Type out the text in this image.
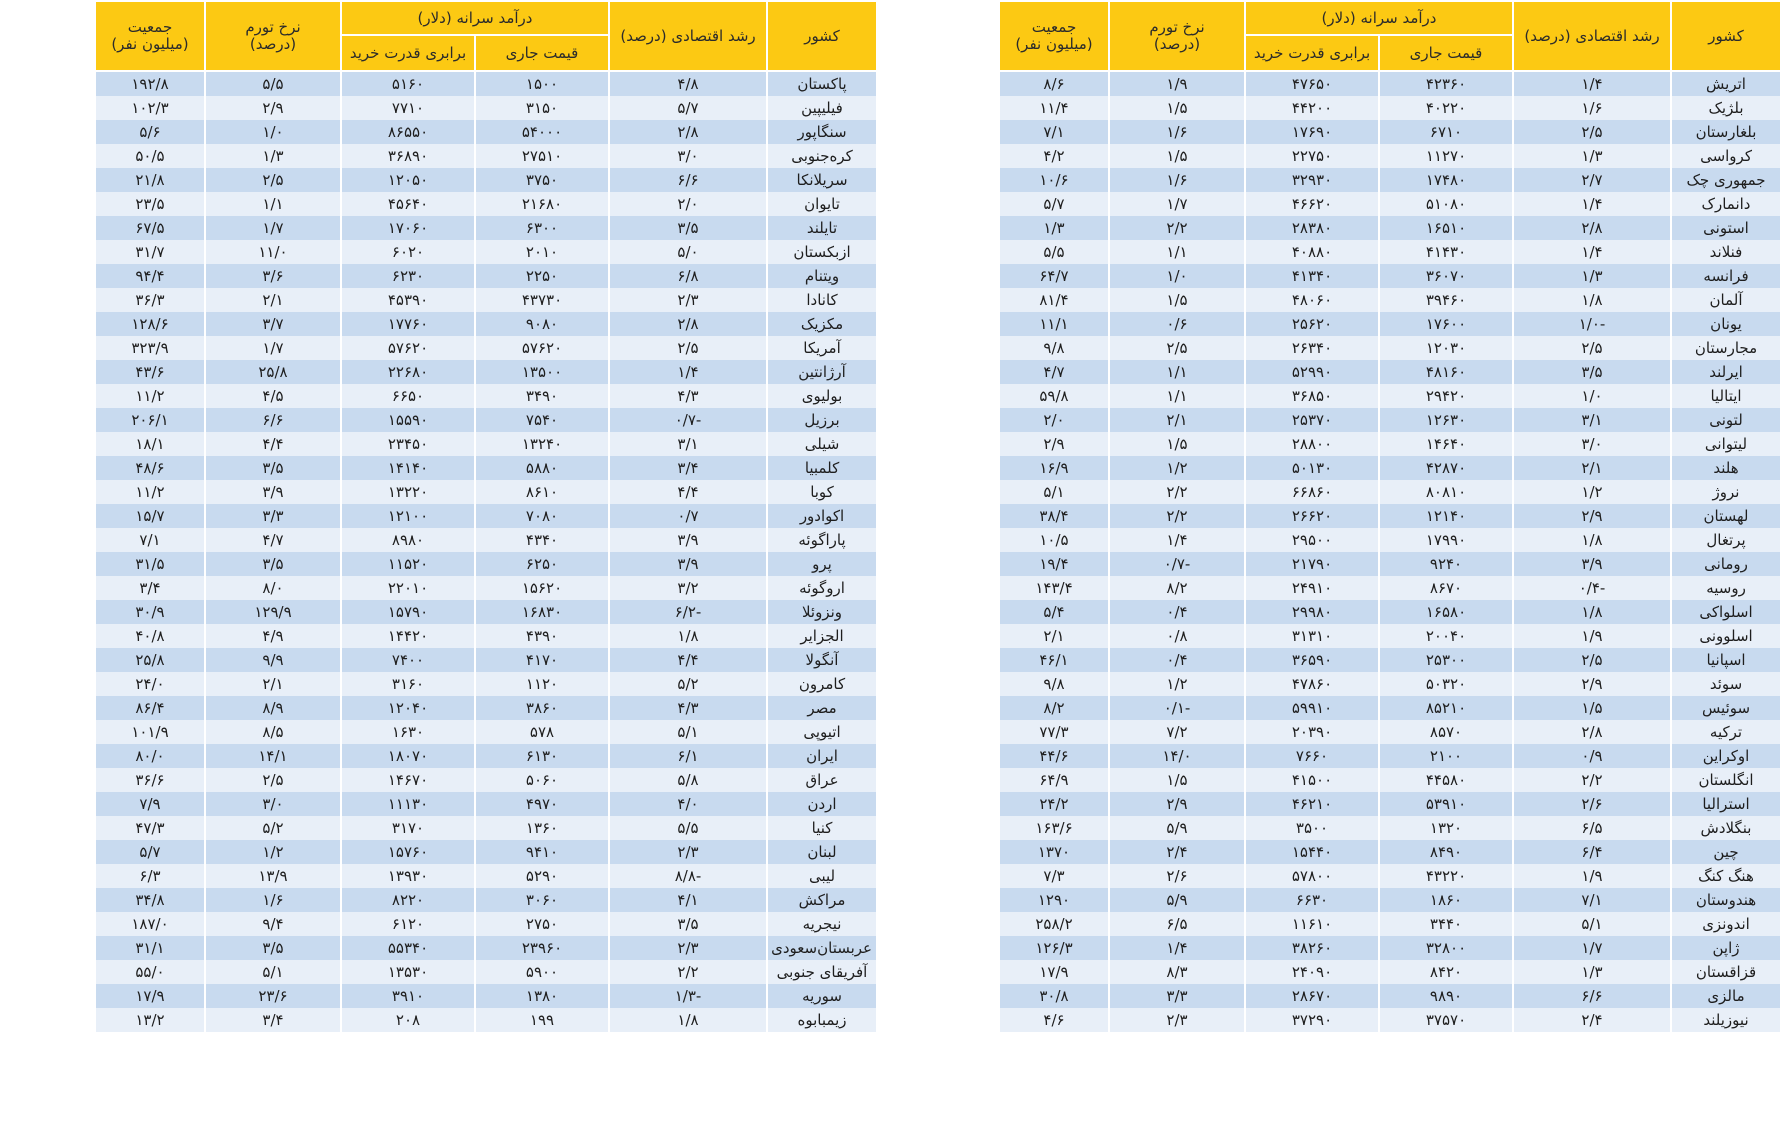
کشور	رشد اقتصادی (درصد)	درآمد سرانه (دلار)		نرخ تورم (درصد)	جمعیت (میلیون نفر)	
		قیمت جاری	برابری قدرت خرید			
اتریش	۱/۴	۴۲۳۶۰	۴۷۶۵۰	۱/۹	۸/۶	
بلژیک	۱/۶	۴۰۲۲۰	۴۴۲۰۰	۱/۵	۱۱/۴	
بلغارستان	۲/۵	۶۷۱۰	۱۷۶۹۰	۱/۶	۷/۱	
کرواسی	۱/۳	۱۱۲۷۰	۲۲۷۵۰	۱/۵	۴/۲	
جمهوری چک	۲/۷	۱۷۴۸۰	۳۲۹۳۰	۱/۶	۱۰/۶	
دانمارک	۱/۴	۵۱۰۸۰	۴۶۶۲۰	۱/۷	۵/۷	
استونی	۲/۸	۱۶۵۱۰	۲۸۳۸۰	۲/۲	۱/۳	
فنلاند	۱/۴	۴۱۴۳۰	۴۰۸۸۰	۱/۱	۵/۵	
فرانسه	۱/۳	۳۶۰۷۰	۴۱۳۴۰	۱/۰	۶۴/۷	
آلمان	۱/۸	۳۹۴۶۰	۴۸۰۶۰	۱/۵	۸۱/۴	
یونان	-۱/۰	۱۷۶۰۰	۲۵۶۲۰	۰/۶	۱۱/۱	
مجارستان	۲/۵	۱۲۰۳۰	۲۶۳۴۰	۲/۵	۹/۸	
ایرلند	۳/۵	۴۸۱۶۰	۵۲۹۹۰	۱/۱	۴/۷	
ایتالیا	۱/۰	۲۹۴۲۰	۳۶۸۵۰	۱/۱	۵۹/۸	
لتونی	۳/۱	۱۲۶۳۰	۲۵۳۷۰	۲/۱	۲/۰	
لیتوانی	۳/۰	۱۴۶۴۰	۲۸۸۰۰	۱/۵	۲/۹	
هلند	۲/۱	۴۲۸۷۰	۵۰۱۳۰	۱/۲	۱۶/۹	
نروژ	۱/۲	۸۰۸۱۰	۶۶۸۶۰	۲/۲	۵/۱	
لهستان	۲/۹	۱۲۱۴۰	۲۶۶۲۰	۲/۲	۳۸/۴	
پرتغال	۱/۸	۱۷۹۹۰	۲۹۵۰۰	۱/۴	۱۰/۵	
رومانی	۳/۹	۹۲۴۰	۲۱۷۹۰	-۰/۷	۱۹/۴	
روسیه	-۰/۴	۸۶۷۰	۲۴۹۱۰	۸/۲	۱۴۳/۴	
اسلواکی	۱/۸	۱۶۵۸۰	۲۹۹۸۰	۰/۴	۵/۴	
اسلوونی	۱/۹	۲۰۰۴۰	۳۱۳۱۰	۰/۸	۲/۱	
اسپانیا	۲/۵	۲۵۳۰۰	۳۶۵۹۰	۰/۴	۴۶/۱	
سوئد	۲/۹	۵۰۳۲۰	۴۷۸۶۰	۱/۲	۹/۸	
سوئیس	۱/۵	۸۵۲۱۰	۵۹۹۱۰	-۰/۱	۸/۲	
ترکیه	۲/۸	۸۵۷۰	۲۰۳۹۰	۷/۲	۷۷/۳	
اوکراین	۰/۹	۲۱۰۰	۷۶۶۰	۱۴/۰	۴۴/۶	
انگلستان	۲/۲	۴۴۵۸۰	۴۱۵۰۰	۱/۵	۶۴/۹	
استرالیا	۲/۶	۵۳۹۱۰	۴۶۲۱۰	۲/۹	۲۴/۲	
بنگلادش	۶/۵	۱۳۲۰	۳۵۰۰	۵/۹	۱۶۳/۶	
چین	۶/۴	۸۴۹۰	۱۵۴۴۰	۲/۴	۱۳۷۰	
هنگ کنگ	۱/۹	۴۳۲۲۰	۵۷۸۰۰	۲/۶	۷/۳	
هندوستان	۷/۱	۱۸۶۰	۶۶۳۰	۵/۹	۱۲۹۰	
اندونزی	۵/۱	۳۴۴۰	۱۱۶۱۰	۶/۵	۲۵۸/۲	
ژاپن	۱/۷	۳۲۸۰۰	۳۸۲۶۰	۱/۴	۱۲۶/۳	
قزاقستان	۱/۳	۸۴۲۰	۲۴۰۹۰	۸/۳	۱۷/۹	
مالزی	۶/۶	۹۸۹۰	۲۸۶۷۰	۳/۳	۳۰/۸	
نیوزیلند	۲/۴	۳۷۵۷۰	۳۷۲۹۰	۲/۳	۴/۶	
کشور	رشد اقتصادی (درصد)	درآمد سرانه (دلار)		نرخ تورم (درصد)	جمعیت (میلیون نفر)	
		قیمت جاری	برابری قدرت خرید			
پاکستان	۴/۸	۱۵۰۰	۵۱۶۰	۵/۵	۱۹۲/۸	
فیلیپین	۵/۷	۳۱۵۰	۷۷۱۰	۲/۹	۱۰۲/۳	
سنگاپور	۲/۸	۵۴۰۰۰	۸۶۵۵۰	۱/۰	۵/۶	
کره‌جنوبی	۳/۰	۲۷۵۱۰	۳۶۸۹۰	۱/۳	۵۰/۵	
سریلانکا	۶/۶	۳۷۵۰	۱۲۰۵۰	۲/۵	۲۱/۸	
تایوان	۲/۰	۲۱۶۸۰	۴۵۶۴۰	۱/۱	۲۳/۵	
تایلند	۳/۵	۶۳۰۰	۱۷۰۶۰	۱/۷	۶۷/۵	
ازبکستان	۵/۰	۲۰۱۰	۶۰۲۰	۱۱/۰	۳۱/۷	
ویتنام	۶/۸	۲۲۵۰	۶۲۳۰	۳/۶	۹۴/۴	
کانادا	۲/۳	۴۳۷۳۰	۴۵۳۹۰	۲/۱	۳۶/۳	
مکزیک	۲/۸	۹۰۸۰	۱۷۷۶۰	۳/۷	۱۲۸/۶	
آمریکا	۲/۵	۵۷۶۲۰	۵۷۶۲۰	۱/۷	۳۲۳/۹	
آرژانتین	۱/۴	۱۳۵۰۰	۲۲۶۸۰	۲۵/۸	۴۳/۶	
بولیوی	۴/۳	۳۴۹۰	۶۶۵۰	۴/۵	۱۱/۲	
برزیل	-۰/۷	۷۵۴۰	۱۵۵۹۰	۶/۶	۲۰۶/۱	
شیلی	۳/۱	۱۳۲۴۰	۲۳۴۵۰	۴/۴	۱۸/۱	
کلمبیا	۳/۴	۵۸۸۰	۱۴۱۴۰	۳/۵	۴۸/۶	
کوبا	۴/۴	۸۶۱۰	۱۳۲۲۰	۳/۹	۱۱/۲	
اکوادور	۰/۷	۷۰۸۰	۱۲۱۰۰	۳/۳	۱۵/۷	
پاراگوئه	۳/۹	۴۳۴۰	۸۹۸۰	۴/۷	۷/۱	
پرو	۳/۹	۶۲۵۰	۱۱۵۲۰	۳/۵	۳۱/۵	
اروگوئه	۳/۲	۱۵۶۲۰	۲۲۰۱۰	۸/۰	۳/۴	
ونزوئلا	-۶/۲	۱۶۸۳۰	۱۵۷۹۰	۱۲۹/۹	۳۰/۹	
الجزایر	۱/۸	۴۳۹۰	۱۴۴۲۰	۴/۹	۴۰/۸	
آنگولا	۴/۴	۴۱۷۰	۷۴۰۰	۹/۹	۲۵/۸	
کامرون	۵/۲	۱۱۲۰	۳۱۶۰	۲/۱	۲۴/۰	
مصر	۴/۳	۳۸۶۰	۱۲۰۴۰	۸/۹	۸۶/۴	
اتیوپی	۵/۱	۵۷۸	۱۶۳۰	۸/۵	۱۰۱/۹	
ایران	۶/۱	۶۱۳۰	۱۸۰۷۰	۱۴/۱	۸۰/۰	
عراق	۵/۸	۵۰۶۰	۱۴۶۷۰	۲/۵	۳۶/۶	
اردن	۴/۰	۴۹۷۰	۱۱۱۳۰	۳/۰	۷/۹	
کنیا	۵/۵	۱۳۶۰	۳۱۷۰	۵/۲	۴۷/۳	
لبنان	۲/۳	۹۴۱۰	۱۵۷۶۰	۱/۲	۵/۷	
لیبی	-۸/۸	۵۲۹۰	۱۳۹۳۰	۱۳/۹	۶/۳	
مراکش	۴/۱	۳۰۶۰	۸۲۲۰	۱/۶	۳۴/۸	
نیجریه	۳/۵	۲۷۵۰	۶۱۲۰	۹/۴	۱۸۷/۰	
عربستان‌سعودی	۲/۳	۲۳۹۶۰	۵۵۳۴۰	۳/۵	۳۱/۱	
آفریقای جنوبی	۲/۲	۵۹۰۰	۱۳۵۳۰	۵/۱	۵۵/۰	
سوریه	-۱/۳	۱۳۸۰	۳۹۱۰	۲۳/۶	۱۷/۹	
زیمبابوه	۱/۸	۱۹۹	۲۰۸	۳/۴	۱۳/۲	
